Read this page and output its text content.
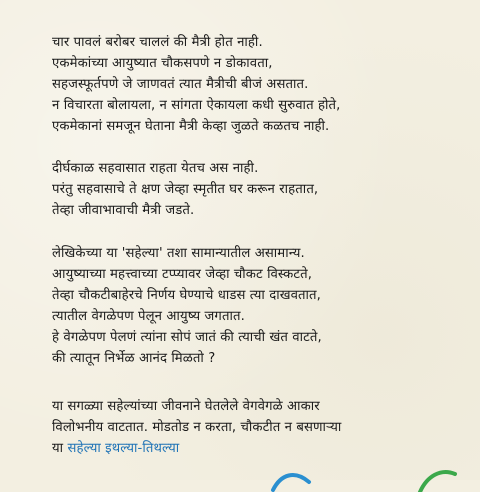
चार पावलं बरोबर चाललं की मैत्री होत नाही.
एकमेकांच्या आयुष्यात चौकसपणे न डोकावता,
सहजस्फूर्तपणे जे जाणवतं त्यात मैत्रीची बीजं असतात.
न विचारता बोलायला, न सांगता ऐकायला कधी सुरुवात होते,
एकमेकानां समजून घेताना मैत्री केव्हा जुळते कळतच नाही.
दीर्घकाळ सहवासात राहता येतच अस नाही.
परंतु सहवासाचे ते क्षण जेव्हा स्मृतीत घर करून राहतात,
तेव्हा जीवाभावाची मैत्री जडते.
लेखिकेच्या या 'सहेल्या' तशा सामान्यातील असामान्य.
आयुष्याच्या महत्त्वाच्या टप्प्यावर जेव्हा चौकट विस्कटते,
तेव्हा चौकटीबाहेरचे निर्णय घेण्याचे धाडस त्या दाखवतात,
त्यातील वेगळेपण पेलून आयुष्य जगतात.
हे वेगळेपण पेलणं त्यांना सोपं जातं की त्याची खंत वाटते,
की त्यातून निर्भेळ आनंद मिळतो ?
या सगळ्या सहेल्यांच्या जीवनाने घेतलेले वेगवेगळे आकार
विलोभनीय वाटतात. मोडतोड न करता, चौकटीत न बसणाऱ्या
या सहेल्या इथल्या-तिथल्या
